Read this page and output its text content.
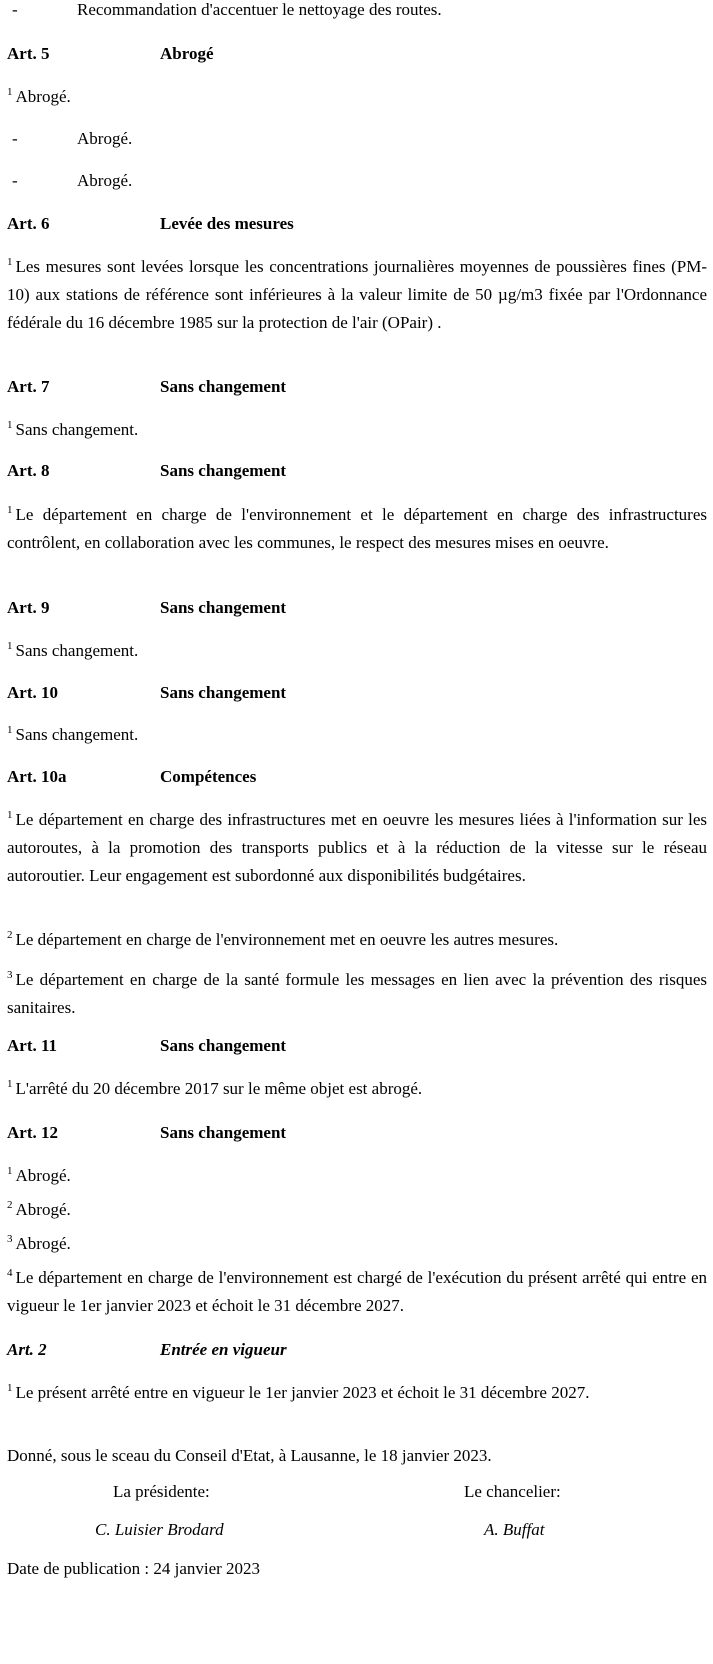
-	Recommandation d'accentuer le nettoyage des routes.
Art. 5	Abrogé
$^1$ Abrogé.
-	Abrogé.
-	Abrogé.
Art. 6	Levée des mesures
$^1$ Les mesures sont levées lorsque les concentrations journalières moyennes de poussières fines (PM-10) aux stations de référence sont inférieures à la valeur limite de 50 µg/m3 fixée par l'Ordonnance fédérale du 16 décembre 1985 sur la protection de l'air (OPair) .
Art. 7	Sans changement
$^1$ Sans changement.
Art. 8	Sans changement
$^1$ Le département en charge de l'environnement et le département en charge des infrastructures contrôlent, en collaboration avec les communes, le respect des mesures mises en oeuvre.
Art. 9	Sans changement
$^1$ Sans changement.
Art. 10	Sans changement
$^1$ Sans changement.
Art. 10a	Compétences
$^1$ Le département en charge des infrastructures met en oeuvre les mesures liées à l'information sur les autoroutes, à la promotion des transports publics et à la réduction de la vitesse sur le réseau autoroutier. Leur engagement est subordonné aux disponibilités budgétaires.
$^2$ Le département en charge de l'environnement met en oeuvre les autres mesures.
$^3$ Le département en charge de la santé formule les messages en lien avec la prévention des risques sanitaires.
Art. 11	Sans changement
$^1$ L'arrêté du 20 décembre 2017 sur le même objet est abrogé.
Art. 12	Sans changement
$^1$ Abrogé.
$^2$ Abrogé.
$^3$ Abrogé.
$^4$ Le département en charge de l'environnement est chargé de l'exécution du présent arrêté qui entre en vigueur le 1er janvier 2023 et échoit le 31 décembre 2027.
Art. 2	Entrée en vigueur
$^1$ Le présent arrêté entre en vigueur le 1er janvier 2023 et échoit le 31 décembre 2027.
Donné, sous le sceau du Conseil d'Etat, à Lausanne, le 18 janvier 2023.
La présidente:	Le chancelier:
C. Luisier Brodard	A. Buffat
Date de publication : 24 janvier 2023
